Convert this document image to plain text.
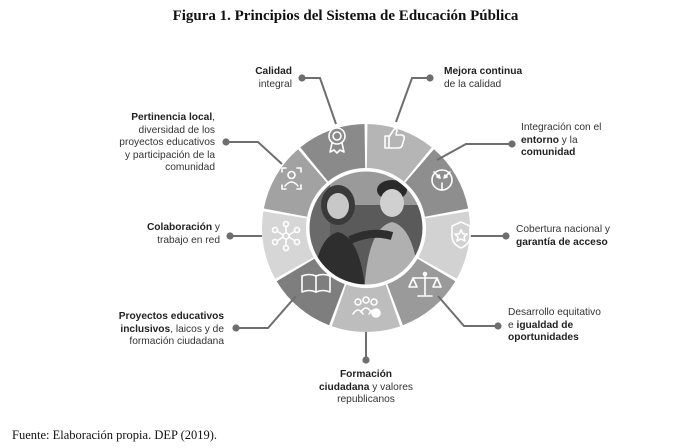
Figura 1. Principios del Sistema de Educación Pública
Calidad
integral
Mejora continua
de la calidad
Pertinencia local,
diversidad de los
proyectos educativos
y participación de la
comunidad
Integración con el
entorno y la
comunidad
Colaboración y
trabajo en red
Cobertura nacional y
garantía de acceso
Proyectos educativos
inclusivos, laicos y de
formación ciudadana
Desarrollo equitativo
e igualdad de
oportunidades
Formación
ciudadana y valores
republicanos
Fuente: Elaboración propia. DEP (2019).
